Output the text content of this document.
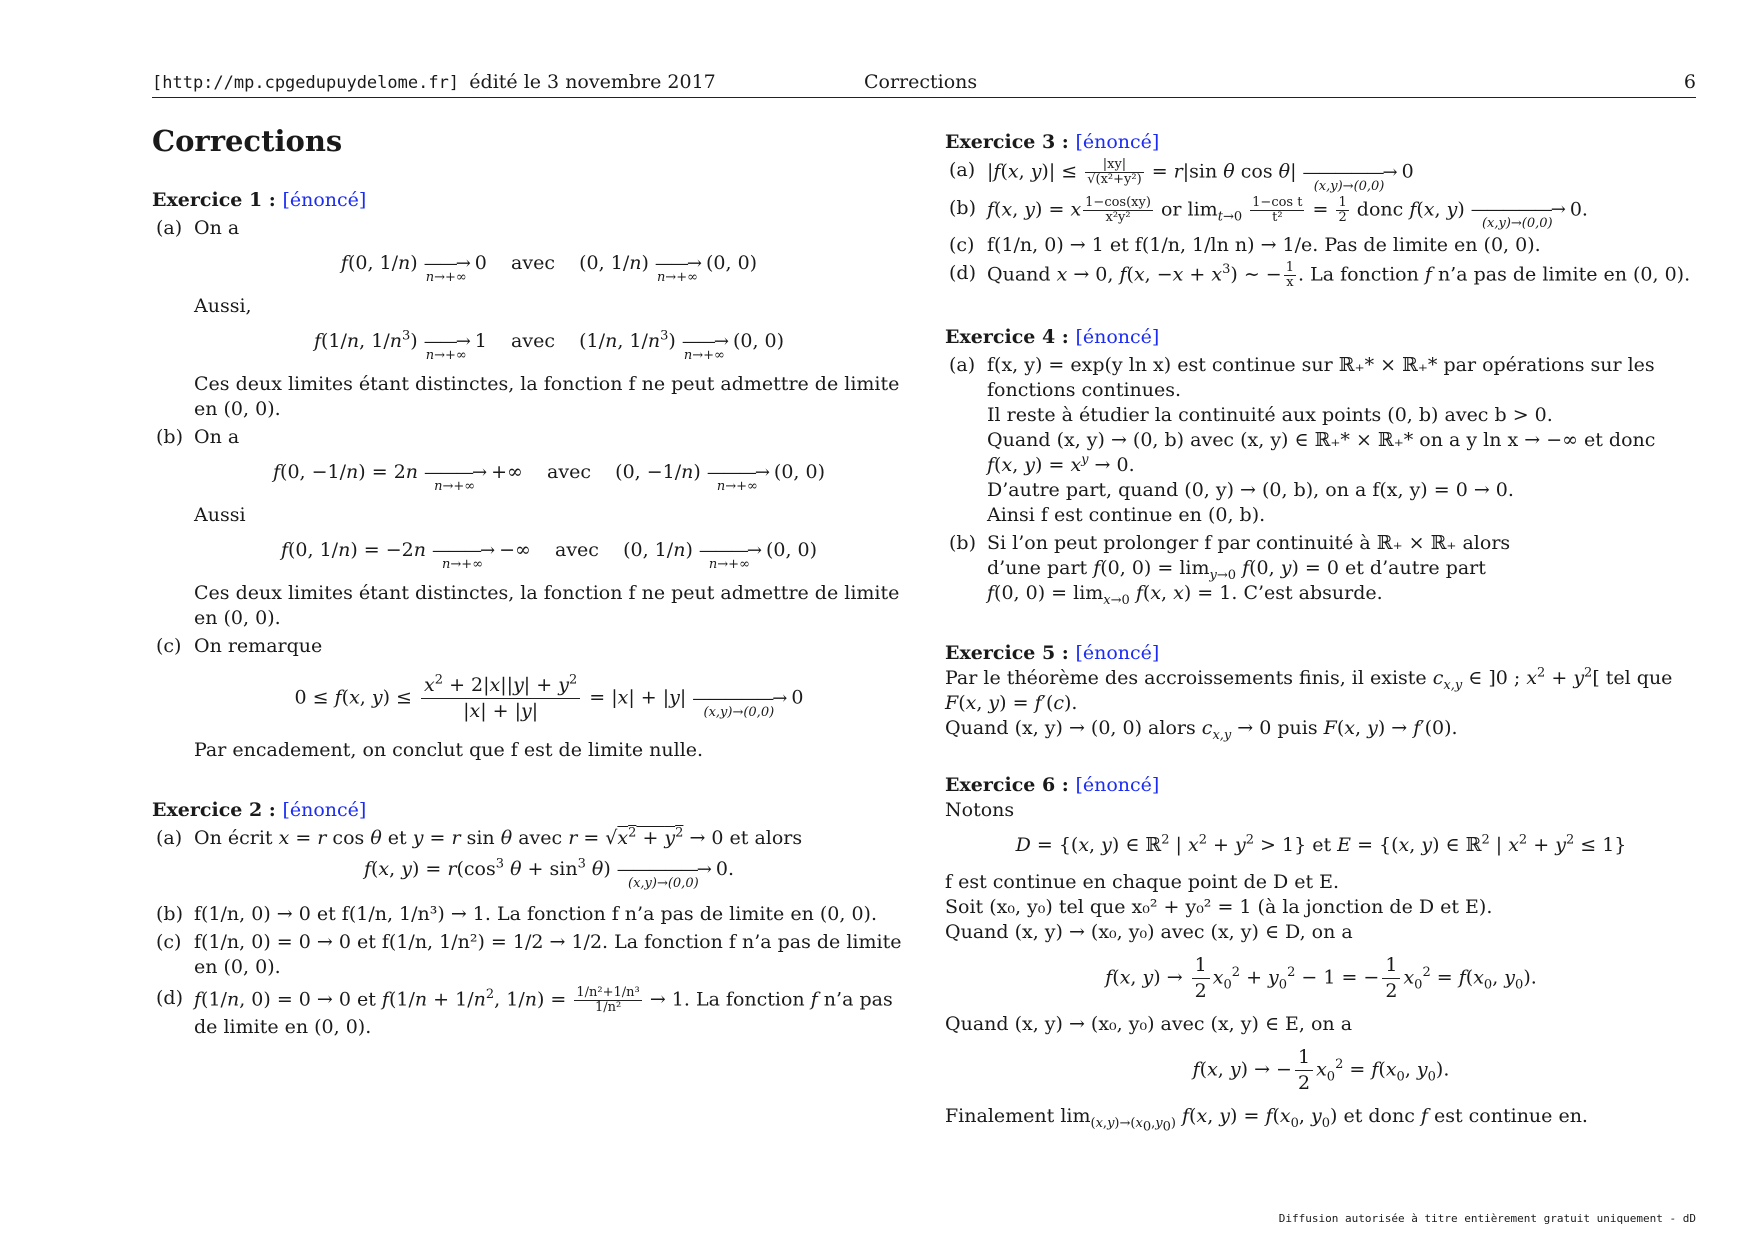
[http://mp.cpgedupuydelome.fr] édité le 3 novembre 2017	Corrections	6
Corrections

Exercice 1 : [énoncé]

(a) On a

f(0, 1/n) ——→
n→+∞
0    avec    (0, 1/n) ——→
n→+∞
(0, 0)

Aussi,

f(1/n, $1/n^3$) ——→
n→+∞
1    avec    (1/n, $1/n^3$) ——→
n→+∞
(0, 0)

Ces deux limites étant distinctes, la fonction f ne peut admettre de limite en (0, 0).

(b) On a

f(0, −1/n) = 2n ———→
n→+∞
+∞    avec    (0, −1/n) ———→
n→+∞
(0, 0)

Aussi

f(0, 1/n) = −2n ———→
n→+∞
−∞    avec    (0, 1/n) ———→
n→+∞
(0, 0)

Ces deux limites étant distinctes, la fonction f ne peut admettre de limite en (0, 0).

(c) On remarque

0 ≤ f(x, $y) \le \frac{x^2 + 2|x||y| + y^2}{|x| + |y|} = |x| + |y|$ —————→
(x,y)→(0,0)
0

Par encadement, on conclut que f est de limite nulle.

Exercice 2 : [énoncé]

(a) On écrit x = r cos θ et y = r sin θ avec $r = √x^2 + y^2 \to 0$ et alors

f(x, $y) = r(\cos^3$ $\theta + \sin^3 \theta$) —————→
(x,y)→(0,0)
0.
(b) f(1/n, 0) → 0 et f(1/n, 1/n³) → 1. La fonction f n’a pas de limite en (0, 0).

(c) f(1/n, 0) = 0 → 0 et f(1/n, 1/n²) = 1/2 → 1/2. La fonction f n’a pas de limite en (0, 0).

(d) f(1/n, 0) = 0 → 0 et $f(1/n + 1/n^2$, $1/n) = \frac{\text{1/n²+1/n³}}{\text{1/n²}} \to 1$. La fonction f n’a pas de limite en (0, 0).

Exercice 3 : [énoncé]

(a) |f(x, $y)| \le \frac{|xy|}{\text{√(x²+y²)}} = r|\sin$ θ cos θ| —————→
(x,y)→(0,0)
0

(b) f(x, y) = x $\frac{1-\cos(xy)}{\text{x²y²}}$ or $\lim_{t\to 0} \frac{\text{1−cos t}}{\text{t²}} = \frac{1}{2}$ donc f(x, y) —————→
(x,y)→(0,0)
0.

(c) f(1/n, 0) → 1 et f(1/n, 1/ln n) → 1/e. Pas de limite en (0, 0).

(d) Quand x → 0, f(x, $-x + x^3$) ∼ − $\frac{1}{x}$ . La fonction f n’a pas de limite en (0, 0).

Exercice 4 : [énoncé]

(a) f(x, y) = exp(y ln x) est continue sur ℝ₊* × ℝ₊* par opérations sur les fonctions continues.

Il reste à étudier la continuité aux points (0, b) avec b > 0.

Quand (x, y) → (0, b) avec (x, y) ∈ ℝ₊* × ℝ₊* on a y ln x → −∞ et donc

f(x, $y) = x^y \to 0$.

D’autre part, quand (0, y) → (0, b), on a f(x, y) = 0 → 0.

Ainsi f est continue en (0, b).

(b) Si l’on peut prolonger f par continuité à ℝ₊ × ℝ₊ alors

d’une part f(0, $0) = \lim_{y\to 0} f(0$, y) = 0 et d’autre part

f(0, $0) = \lim_{x\to 0} f(x$, x) = 1. C’est absurde.

Exercice 5 : [énoncé]

Par le théorème des accroissements finis, il existe $c_{x,y}$ ∈ ]0 ; $x^2 + y^2$[ tel que

F(x, y) = f′(c).

Quand (x, y) → (0, 0) alors $c_{x,y} \to 0$ puis F(x, y) → f′(0).

Exercice 6 : [énoncé]

Notons

D = {(x, y) ∈ ℝ$^2$ | $x^2 + y^2 > 1$} et E = {(x, y) ∈ ℝ$^2$ | $x^2 + y^2 \le 1$}

f est continue en chaque point de D et E.

Soit (x₀, y₀) tel que x₀² + y₀² = 1 (à la jonction de D et E).

Quand (x, y) → (x₀, y₀) avec (x, y) ∈ D, on a

f(x, $y) \to \frac{1}{2} x_0^2 + y_0^2 - 1$ = − $\frac{1}{2} x_0^2 = f(x_0$, $y_0$).

Quand (x, y) → (x₀, y₀) avec (x, y) ∈ E, on a

f(x, y) → − $\frac{1}{2} x_0^2 = f(x_0$, $y_0$).

Finalement $\lim_{(x,y)\to(x_0,y_0)} f(x$, $y) = f(x_0$, $y_0$) et donc f est continue en.

Diffusion autorisée à titre entièrement gratuit uniquement - dD
